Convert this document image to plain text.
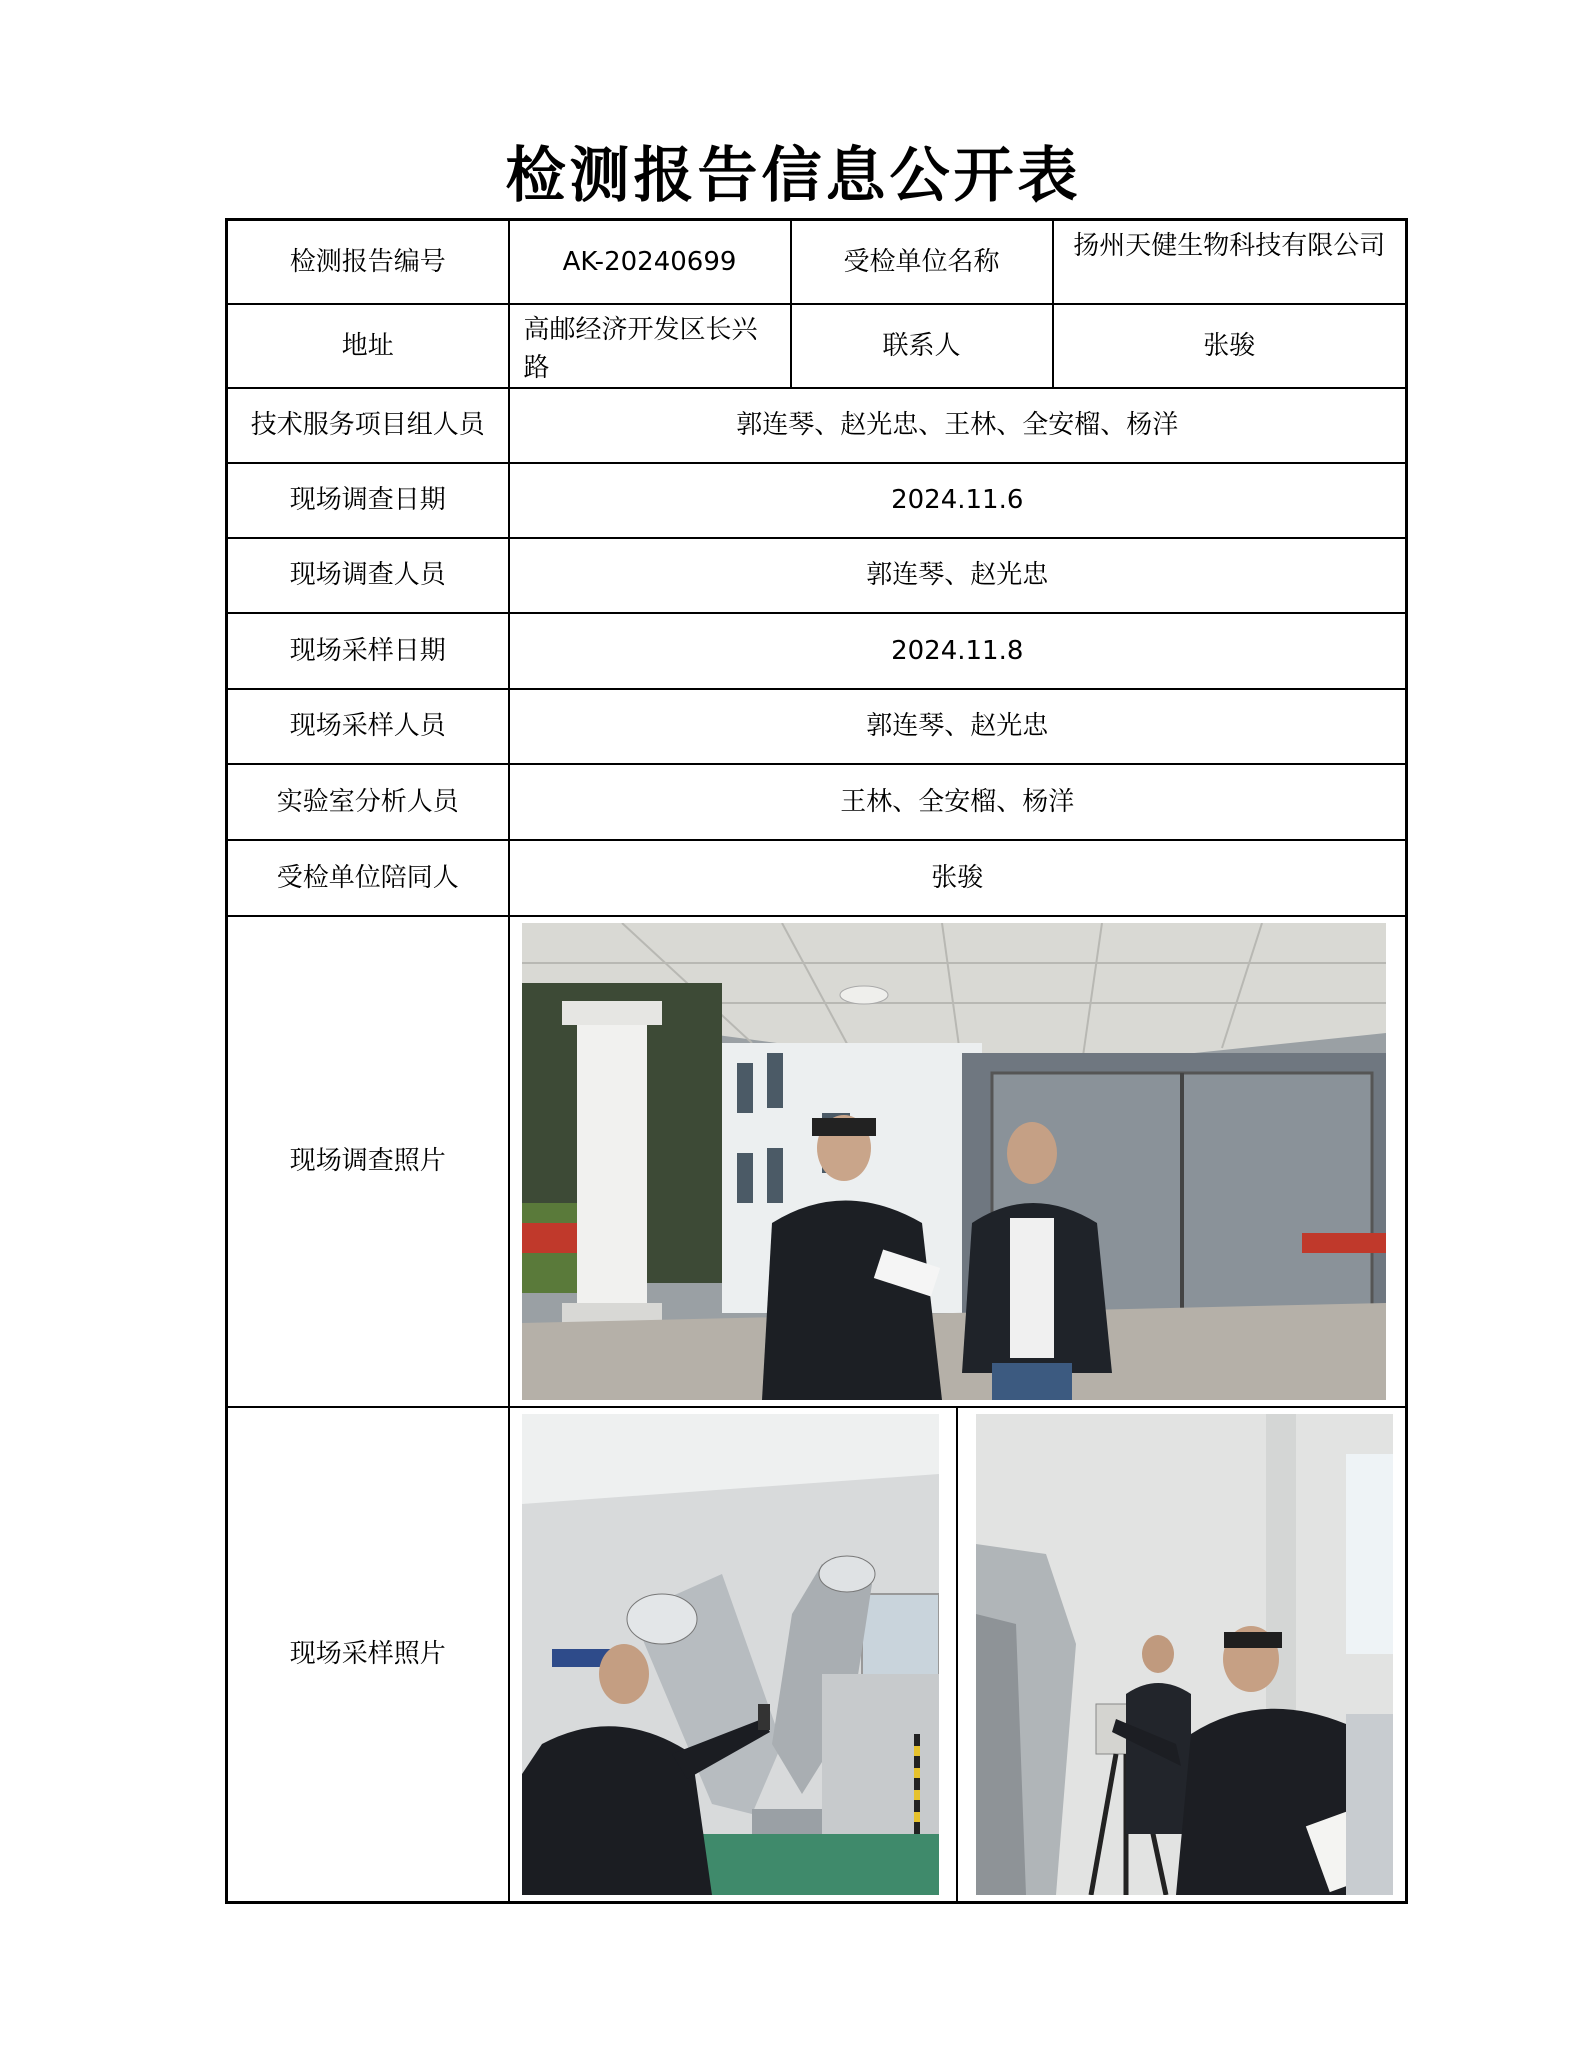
检测报告信息公开表
检测报告编号	AK-20240699	受检单位名称	扬州天健生物科技有限公司
地址	高邮经济开发区长兴路	联系人	张骏
技术服务项目组人员	郭连琴、赵光忠、王林、全安榴、杨洋		
现场调查日期	2024.11.6		
现场调查人员	郭连琴、赵光忠		
现场采样日期	2024.11.8		
现场采样人员	郭连琴、赵光忠		
实验室分析人员	王林、全安榴、杨洋		
受检单位陪同人	张骏		
现场调查照片	

现场采样照片	
